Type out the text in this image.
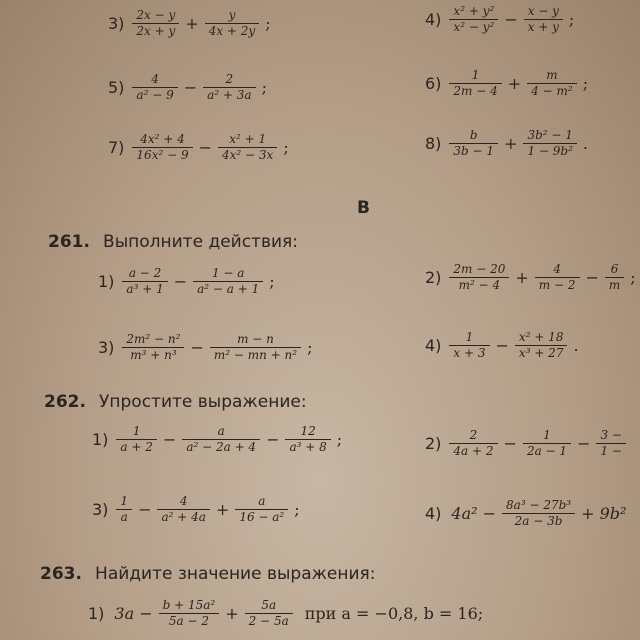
$3) \frac{2x - y}{2x + y} + \frac{y}{4x + 2y}$ ;	$4) \frac{\text{x² + y²}}{\text{x² − y²}} - \frac{x - y}{x + y}$ ;
$5) \frac{4}{\text{a² − 9}} - \frac{2}{\text{a² + 3a}}$ ;	$6) \frac{1}{2m - 4} + \frac{m}{\text{4 − m²}}$ ;
$7) \frac{\text{4x² + 4}}{\text{16x² − 9}} - \frac{\text{x² + 1}}{\text{4x² − 3x}}$ ;	$8) \frac{b}{3b - 1} + \frac{\text{3b² − 1}}{\text{1 − 9b²}}$ .
В
261. Выполните действия:
$1) \frac{a - 2}{\text{a³ + 1}} - \frac{1 - a}{\text{a² − a + 1}}$ ;	$2) \frac{2m - 20}{\text{m² − 4}} + \frac{4}{m - 2} - \frac{6}{m}$ ;
$3) \frac{\text{2m² − n²}}{\text{m³ + n³}} - \frac{m - n}{\text{m² − mn + n²}}$ ;	$4) \frac{1}{x + 3} - \frac{\text{x² + 18}}{\text{x³ + 27}}$ .
262. Упростите выражение:
$1) \frac{1}{a + 2} - \frac{a}{\text{a² − 2a + 4}} - \frac{12}{\text{a³ + 8}}$ ;	$2) \frac{2}{4a + 2} - \frac{1}{2a - 1} - \frac{3 -}{1 -}$
$3) \frac{1}{a} - \frac{4}{\text{a² + 4a}} + \frac{a}{\text{16 − a²}}$ ;	4) $4a^2 - \frac{\text{8a³ − 27b³}}{2a - 3b} + 9b^2$
263. Найдите значение выражения:
1) $3a - \frac{\text{b + 15a²}}{5a - 2} + \frac{5a}{2 - 5a}$ при a = −0,8, b = 16;
